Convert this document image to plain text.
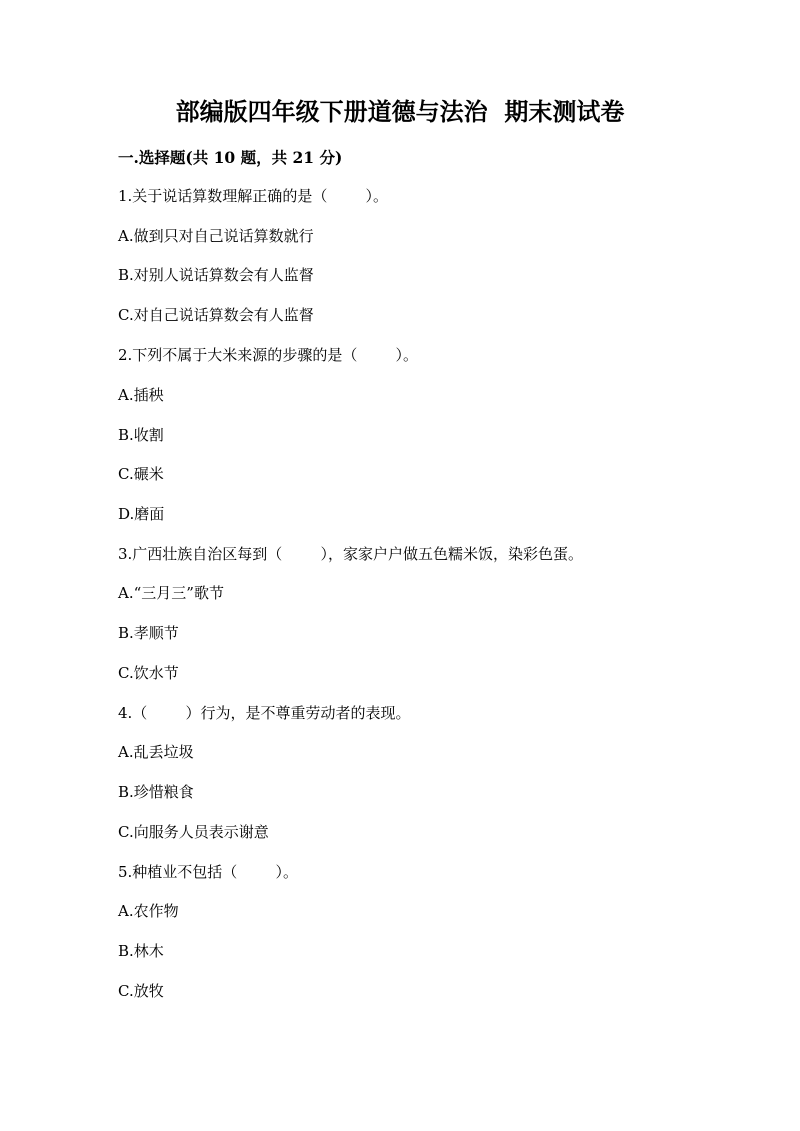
部编版四年级下册道德与法治  期末测试卷
一.选择题(共 10 题，共 21 分)
1.关于说话算数理解正确的是（        ）。
A.做到只对自己说话算数就行
B.对别人说话算数会有人监督
C.对自己说话算数会有人监督
2.下列不属于大米来源的步骤的是（        ）。
A.插秧
B.收割
C.碾米
D.磨面
3.广西壮族自治区每到（        ），家家户户做五色糯米饭，染彩色蛋。
A.“三月三”歌节
B.孝顺节
C.饮水节
4.（        ）行为，是不尊重劳动者的表现。
A.乱丢垃圾
B.珍惜粮食
C.向服务人员表示谢意
5.种植业不包括（        ）。
A.农作物
B.林木
C.放牧
